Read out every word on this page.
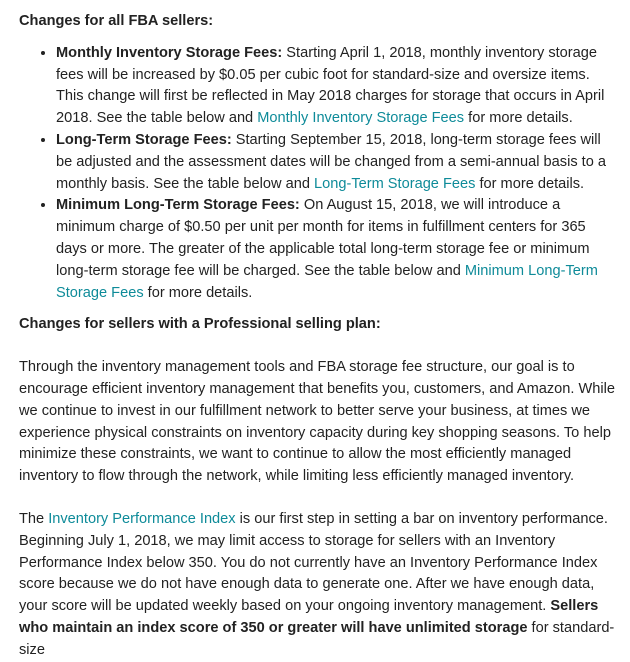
Changes for all FBA sellers:
• Monthly Inventory Storage Fees: Starting April 1, 2018, monthly inventory storage fees will be increased by $0.05 per cubic foot for standard-size and oversize items. This change will first be reflected in May 2018 charges for storage that occurs in April 2018. See the table below and Monthly Inventory Storage Fees for more details.
• Long-Term Storage Fees: Starting September 15, 2018, long-term storage fees will be adjusted and the assessment dates will be changed from a semi-annual basis to a monthly basis. See the table below and Long-Term Storage Fees for more details.
• Minimum Long-Term Storage Fees: On August 15, 2018, we will introduce a minimum charge of $0.50 per unit per month for items in fulfillment centers for 365 days or more. The greater of the applicable total long-term storage fee or minimum long-term storage fee will be charged. See the table below and Minimum Long-Term Storage Fees for more details.
Changes for sellers with a Professional selling plan:

Through the inventory management tools and FBA storage fee structure, our goal is to encourage efficient inventory management that benefits you, customers, and Amazon. While we continue to invest in our fulfillment network to better serve your business, at times we experience physical constraints on inventory capacity during key shopping seasons. To help minimize these constraints, we want to continue to allow the most efficiently managed inventory to flow through the network, while limiting less efficiently managed inventory.

The Inventory Performance Index is our first step in setting a bar on inventory performance. Beginning July 1, 2018, we may limit access to storage for sellers with an Inventory Performance Index below 350. You do not currently have an Inventory Performance Index score because we do not have enough data to generate one. After we have enough data, your score will be updated weekly based on your ongoing inventory management. Sellers who maintain an index score of 350 or greater will have unlimited storage for standard-size
